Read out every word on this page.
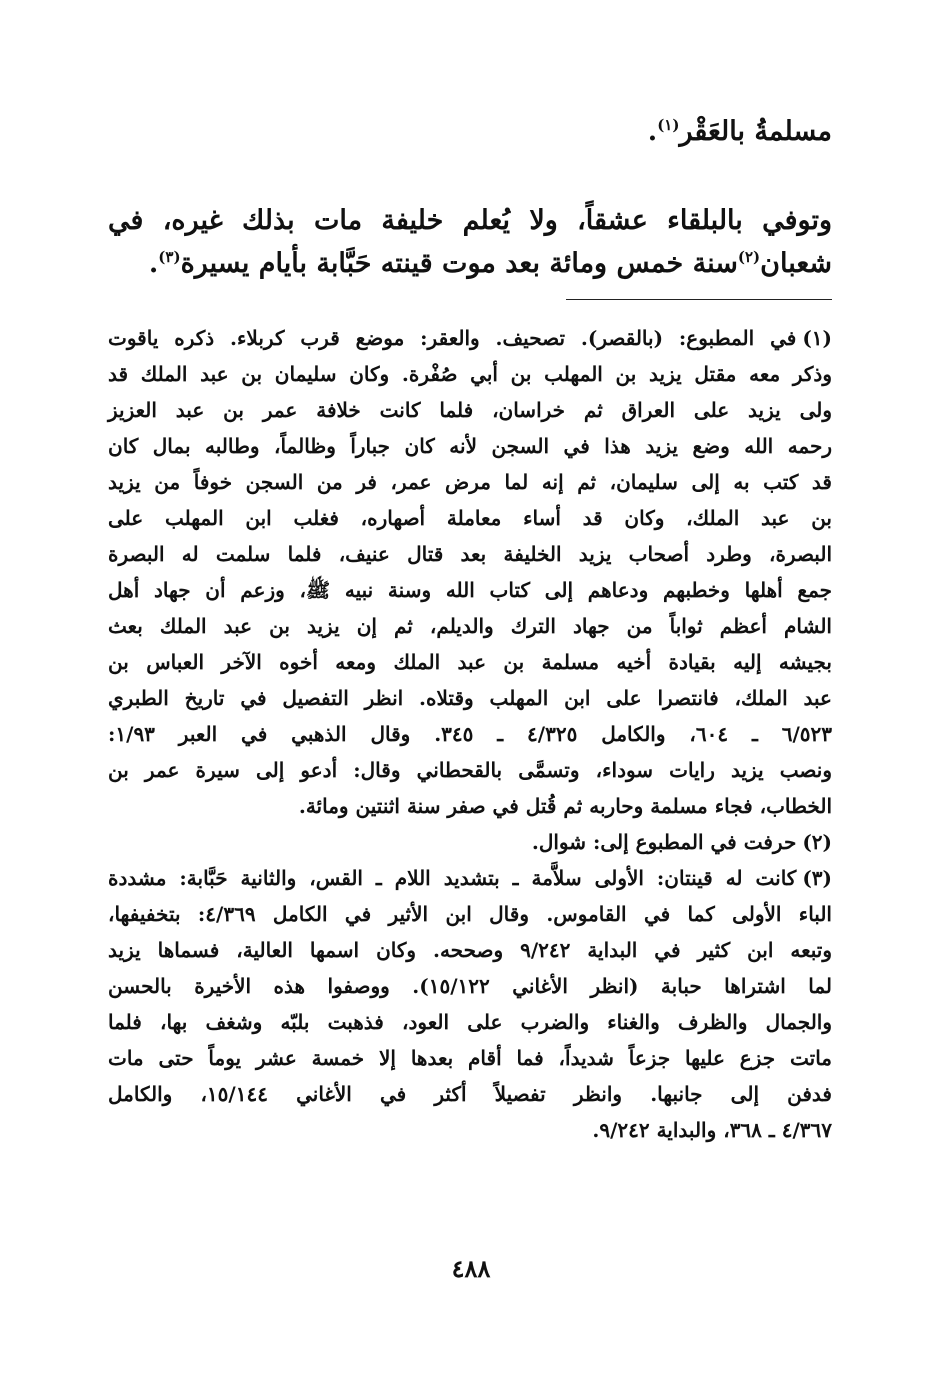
مسلمةُ بالعَقْر$^{(١)}$.
وتوفي بالبلقاء عشقاً، ولا يُعلم خليفة مات بذلك غيره، في
شعبان$^{(٢)}$سنة خمس ومائة بعد موت قينته حَبَّابة بأيام يسيرة$^{(٣)}$.
(١)في المطبوع: (بالقصر). تصحيف. والعقر: موضع قرب كربلاء. ذكره ياقوت
وذكر معه مقتل يزيد بن المهلب بن أبي صُفْرة. وكان سليمان بن عبد الملك قد
ولى يزيد على العراق ثم خراسان، فلما كانت خلافة عمر بن عبد العزيز
رحمه الله وضع يزيد هذا في السجن لأنه كان جباراً وظالماً، وطالبه بمال كان
قد كتب به إلى سليمان، ثم إنه لما مرض عمر، فر من السجن خوفاً من يزيد
بن عبد الملك، وكان قد أساء معاملة أصهاره، فغلب ابن المهلب على
البصرة، وطرد أصحاب يزيد الخليفة بعد قتال عنيف، فلما سلمت له البصرة
جمع أهلها وخطبهم ودعاهم إلى كتاب الله وسنة نبيه ﷺ، وزعم أن جهاد أهل
الشام أعظم ثواباً من جهاد الترك والديلم، ثم إن يزيد بن عبد الملك بعث
بجيشه إليه بقيادة أخيه مسلمة بن عبد الملك ومعه أخوه الآخر العباس بن
عبد الملك، فانتصرا على ابن المهلب وقتلاه. انظر التفصيل في تاريخ الطبري
٦/٥٢٣ ـ ٦٠٤، والكامل ٤/٣٢٥ ـ ٣٤٥. وقال الذهبي في العبر ١/٩٣:
ونصب يزيد رايات سوداء، وتسمَّى بالقحطاني وقال: أدعو إلى سيرة عمر بن
الخطاب، فجاء مسلمة وحاربه ثم قُتل في صفر سنة اثنتين ومائة.
(٢)حرفت في المطبوع إلى: شوال.
(٣)كانت له قينتان: الأولى سلاَّمة ـ بتشديد اللام ـ القس، والثانية حَبَّابة: مشددة
الباء الأولى كما في القاموس. وقال ابن الأثير في الكامل ٤/٣٦٩: بتخفيفها،
وتبعه ابن كثير في البداية ٩/٢٤٢ وصححه. وكان اسمها العالية، فسماها يزيد
لما اشتراها حبابة (انظر الأغاني ١٥/١٢٢). ووصفوا هذه الأخيرة بالحسن
والجمال والظرف والغناء والضرب على العود، فذهبت بلبّه وشغف بها، فلما
ماتت جزع عليها جزعاً شديداً، فما أقام بعدها إلا خمسة عشر يوماً حتى مات
فدفن إلى جانبها. وانظر تفصيلاً أكثر في الأغاني ١٥/١٤٤، والكامل
٤/٣٦٧ ـ ٣٦٨، والبداية ٩/٢٤٢.
٤٨٨
